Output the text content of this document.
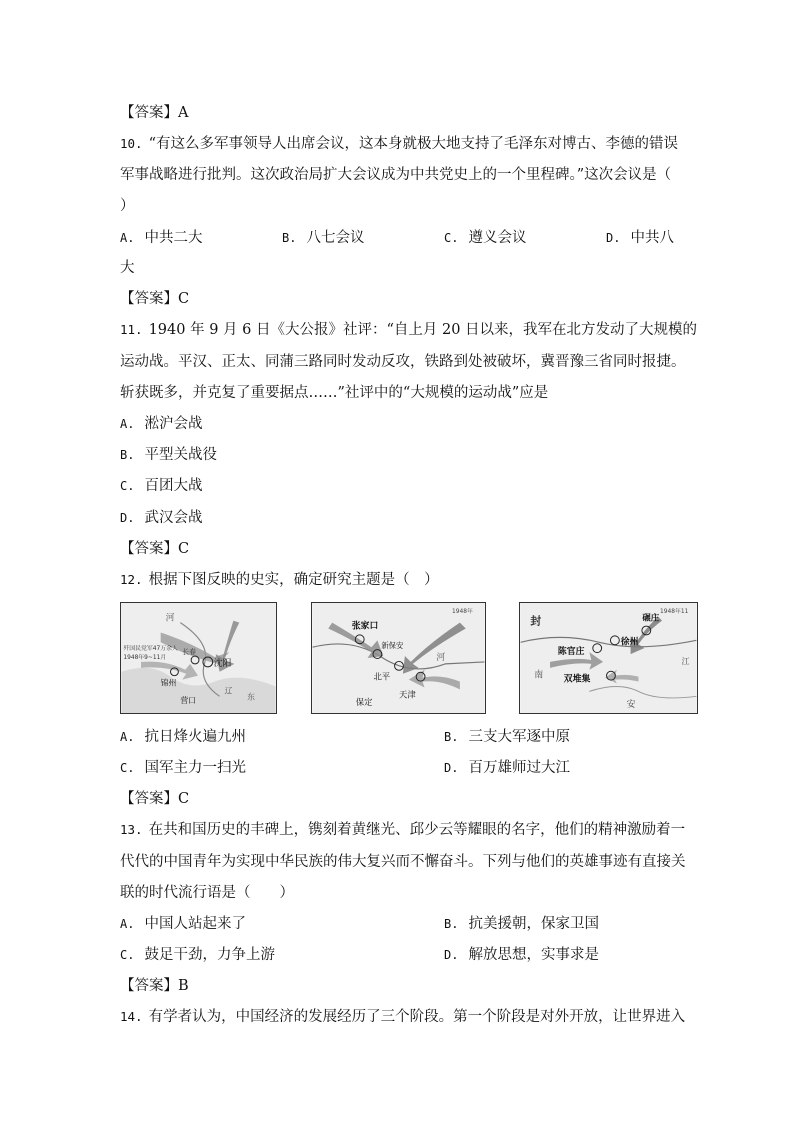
【答案】A
10. “有这么多军事领导人出席会议，这本身就极大地支持了毛泽东对博古、李德的错误
军事战略进行批判。这次政治局扩大会议成为中共党史上的一个里程碑。”这次会议是（
）
A. 中共二大	B. 八七会议	C. 遵义会议	D. 中共八
大
【答案】C
11. 1940 年 9 月 6 日《大公报》社评：“自上月 20 日以来，我军在北方发动了大规模的
运动战。平汉、正太、同蒲三路同时发动反攻，铁路到处被破坏，冀晋豫三省同时报捷。
斩获既多，并克复了重要据点……”社评中的“大规模的运动战”应是
A. 淞沪会战
B. 平型关战役
C. 百团大战
D. 武汉会战
【答案】C
12. 根据下图反映的史实，确定研究主题是（　）
歼国民党军47万余人
1948年9~11月
沈阳
锦州
营口
长春
河
辽
东
张家口
新保安
北平
天津
保定
1948年
河
徐州
碾庄
陈官庄
双堆集
1948年11
封
南
安
江
A. 抗日烽火遍九州	B. 三支大军逐中原
C. 国军主力一扫光	D. 百万雄师过大江
【答案】C
13. 在共和国历史的丰碑上，镌刻着黄继光、邱少云等耀眼的名字，他们的精神激励着一
代代的中国青年为实现中华民族的伟大复兴而不懈奋斗。下列与他们的英雄事迹有直接关
联的时代流行语是（　　）
A. 中国人站起来了	B. 抗美援朝，保家卫国
C. 鼓足干劲，力争上游	D. 解放思想，实事求是
【答案】B
14. 有学者认为，中国经济的发展经历了三个阶段。第一个阶段是对外开放，让世界进入
